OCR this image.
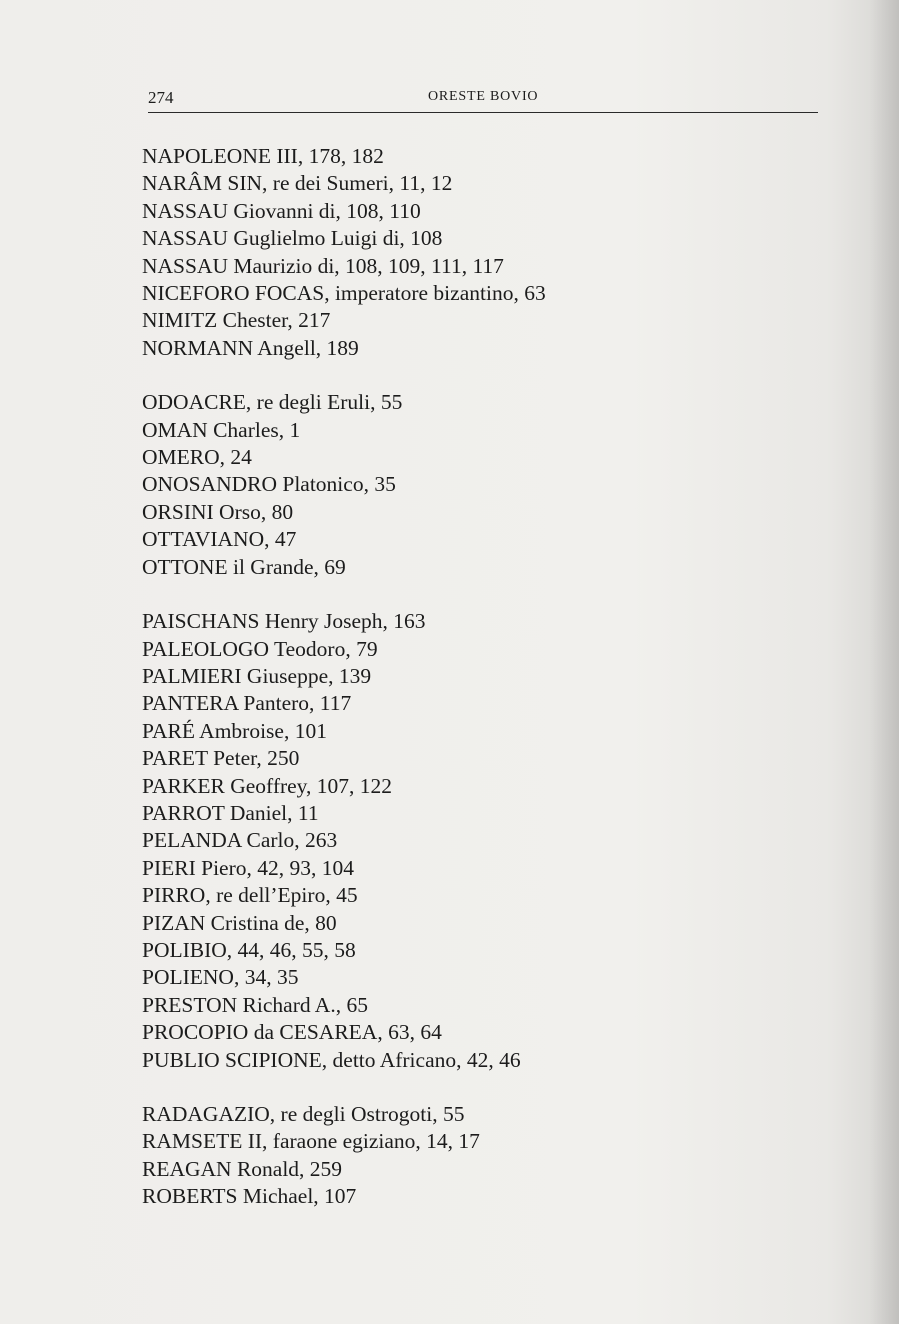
274	ORESTE BOVIO
NAPOLEONE III, 178, 182
NARÂM SIN, re dei Sumeri, 11, 12
NASSAU Giovanni di, 108, 110
NASSAU Guglielmo Luigi di, 108
NASSAU Maurizio di, 108, 109, 111, 117
NICEFORO FOCAS, imperatore bizantino, 63
NIMITZ Chester, 217
NORMANN Angell, 189
ODOACRE, re degli Eruli, 55
OMAN Charles, 1
OMERO, 24
ONOSANDRO Platonico, 35
ORSINI Orso, 80
OTTAVIANO, 47
OTTONE il Grande, 69
PAISCHANS Henry Joseph, 163
PALEOLOGO Teodoro, 79
PALMIERI Giuseppe, 139
PANTERA Pantero, 117
PARÉ Ambroise, 101
PARET Peter, 250
PARKER Geoffrey, 107, 122
PARROT Daniel, 11
PELANDA Carlo, 263
PIERI Piero, 42, 93, 104
PIRRO, re dell’Epiro, 45
PIZAN Cristina de, 80
POLIBIO, 44, 46, 55, 58
POLIENO, 34, 35
PRESTON Richard A., 65
PROCOPIO da CESAREA, 63, 64
PUBLIO SCIPIONE, detto Africano, 42, 46
RADAGAZIO, re degli Ostrogoti, 55
RAMSETE II, faraone egiziano, 14, 17
REAGAN Ronald, 259
ROBERTS Michael, 107
